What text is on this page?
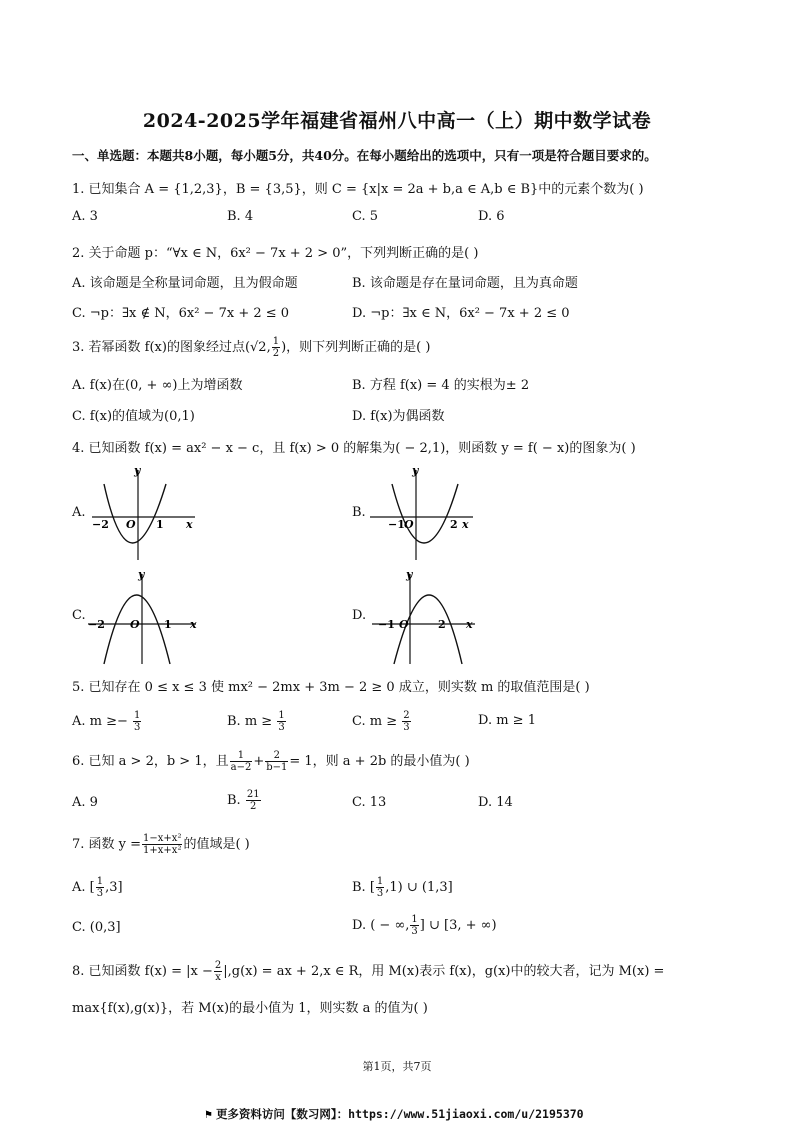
2024-2025学年福建省福州八中高一（上）期中数学试卷
一、单选题：本题共8小题，每小题5分，共40分。在每小题给出的选项中，只有一项是符合题目要求的。
1. 已知集合 A = {1,2,3}，B = {3,5}，则 C = {x|x = 2a + b,a ∈ A,b ∈ B}中的元素个数为( )
A. 3	B. 4	C. 5	D. 6
2. 关于命题 p：“∀x ∈ N，6x² − 7x + 2 > 0”，下列判断正确的是( )
A. 该命题是全称量词命题，且为假命题	B. 该命题是存在量词命题，且为真命题
C. ¬p：∃x ∉ N，6x² − 7x + 2 ≤ 0	D. ¬p：∃x ∈ N，6x² − 7x + 2 ≤ 0
3. 若幂函数 f(x)的图象经过点(√2, $\frac{1}{2}$ )，则下列判断正确的是( )
A. f(x)在(0, + ∞)上为增函数	B. 方程 f(x) = 4 的实根为± 2
C. f(x)的值域为(0,1)	D. f(x)为偶函数
4. 已知函数 f(x) = ax² − x − c，且 f(x) > 0 的解集为( − 2,1)，则函数 y = f( − x)的图象为( )
A.
y
x
−2 O 1
B.
y
x
−1 O	2
C.
y
x
−2 O 1
D.
y
x
−1 O	2
5. 已知存在 0 ≤ x ≤ 3 使 mx² − 2mx + 3m − 2 ≥ 0 成立，则实数 m 的取值范围是( )
A. $m \ge- \frac{1}{3}$	B. $m \ge \frac{1}{3}$	C. $m \ge \frac{2}{3}$	D. m ≥ 1
6. 已知 a > 2，b > 1，且 $\frac{1}{a-2} + \frac{2}{b-1} = 1$，则 a + 2b 的最小值为( )
A. 9	B. $\frac{21}{2}$	C. 13	D. 14
7. 函数 $y = \frac{\text{1−x+x²}}{\text{1+x+x²}}$ 的值域是( )
A. [ $\frac{1}{3} ,3$]	B. [ $\frac{1}{3} ,1$) ∪ (1,3]
C. (0,3]	D. ( − ∞, $\frac{1}{3}$ ] ∪ [3, + ∞)
8. 已知函数 $f(x) = |x - \frac{2}{x} |,g(x)$ = ax + 2,x ∈ R，用 M(x)表示 f(x)，g(x)中的较大者，记为 M(x) =
max{f(x),g(x)}，若 M(x)的最小值为 1，则实数 a 的值为( )
第1页，共7页
⚑ 更多资料访问【数习网】：https://www.51jiaoxi.com/u/2195370
